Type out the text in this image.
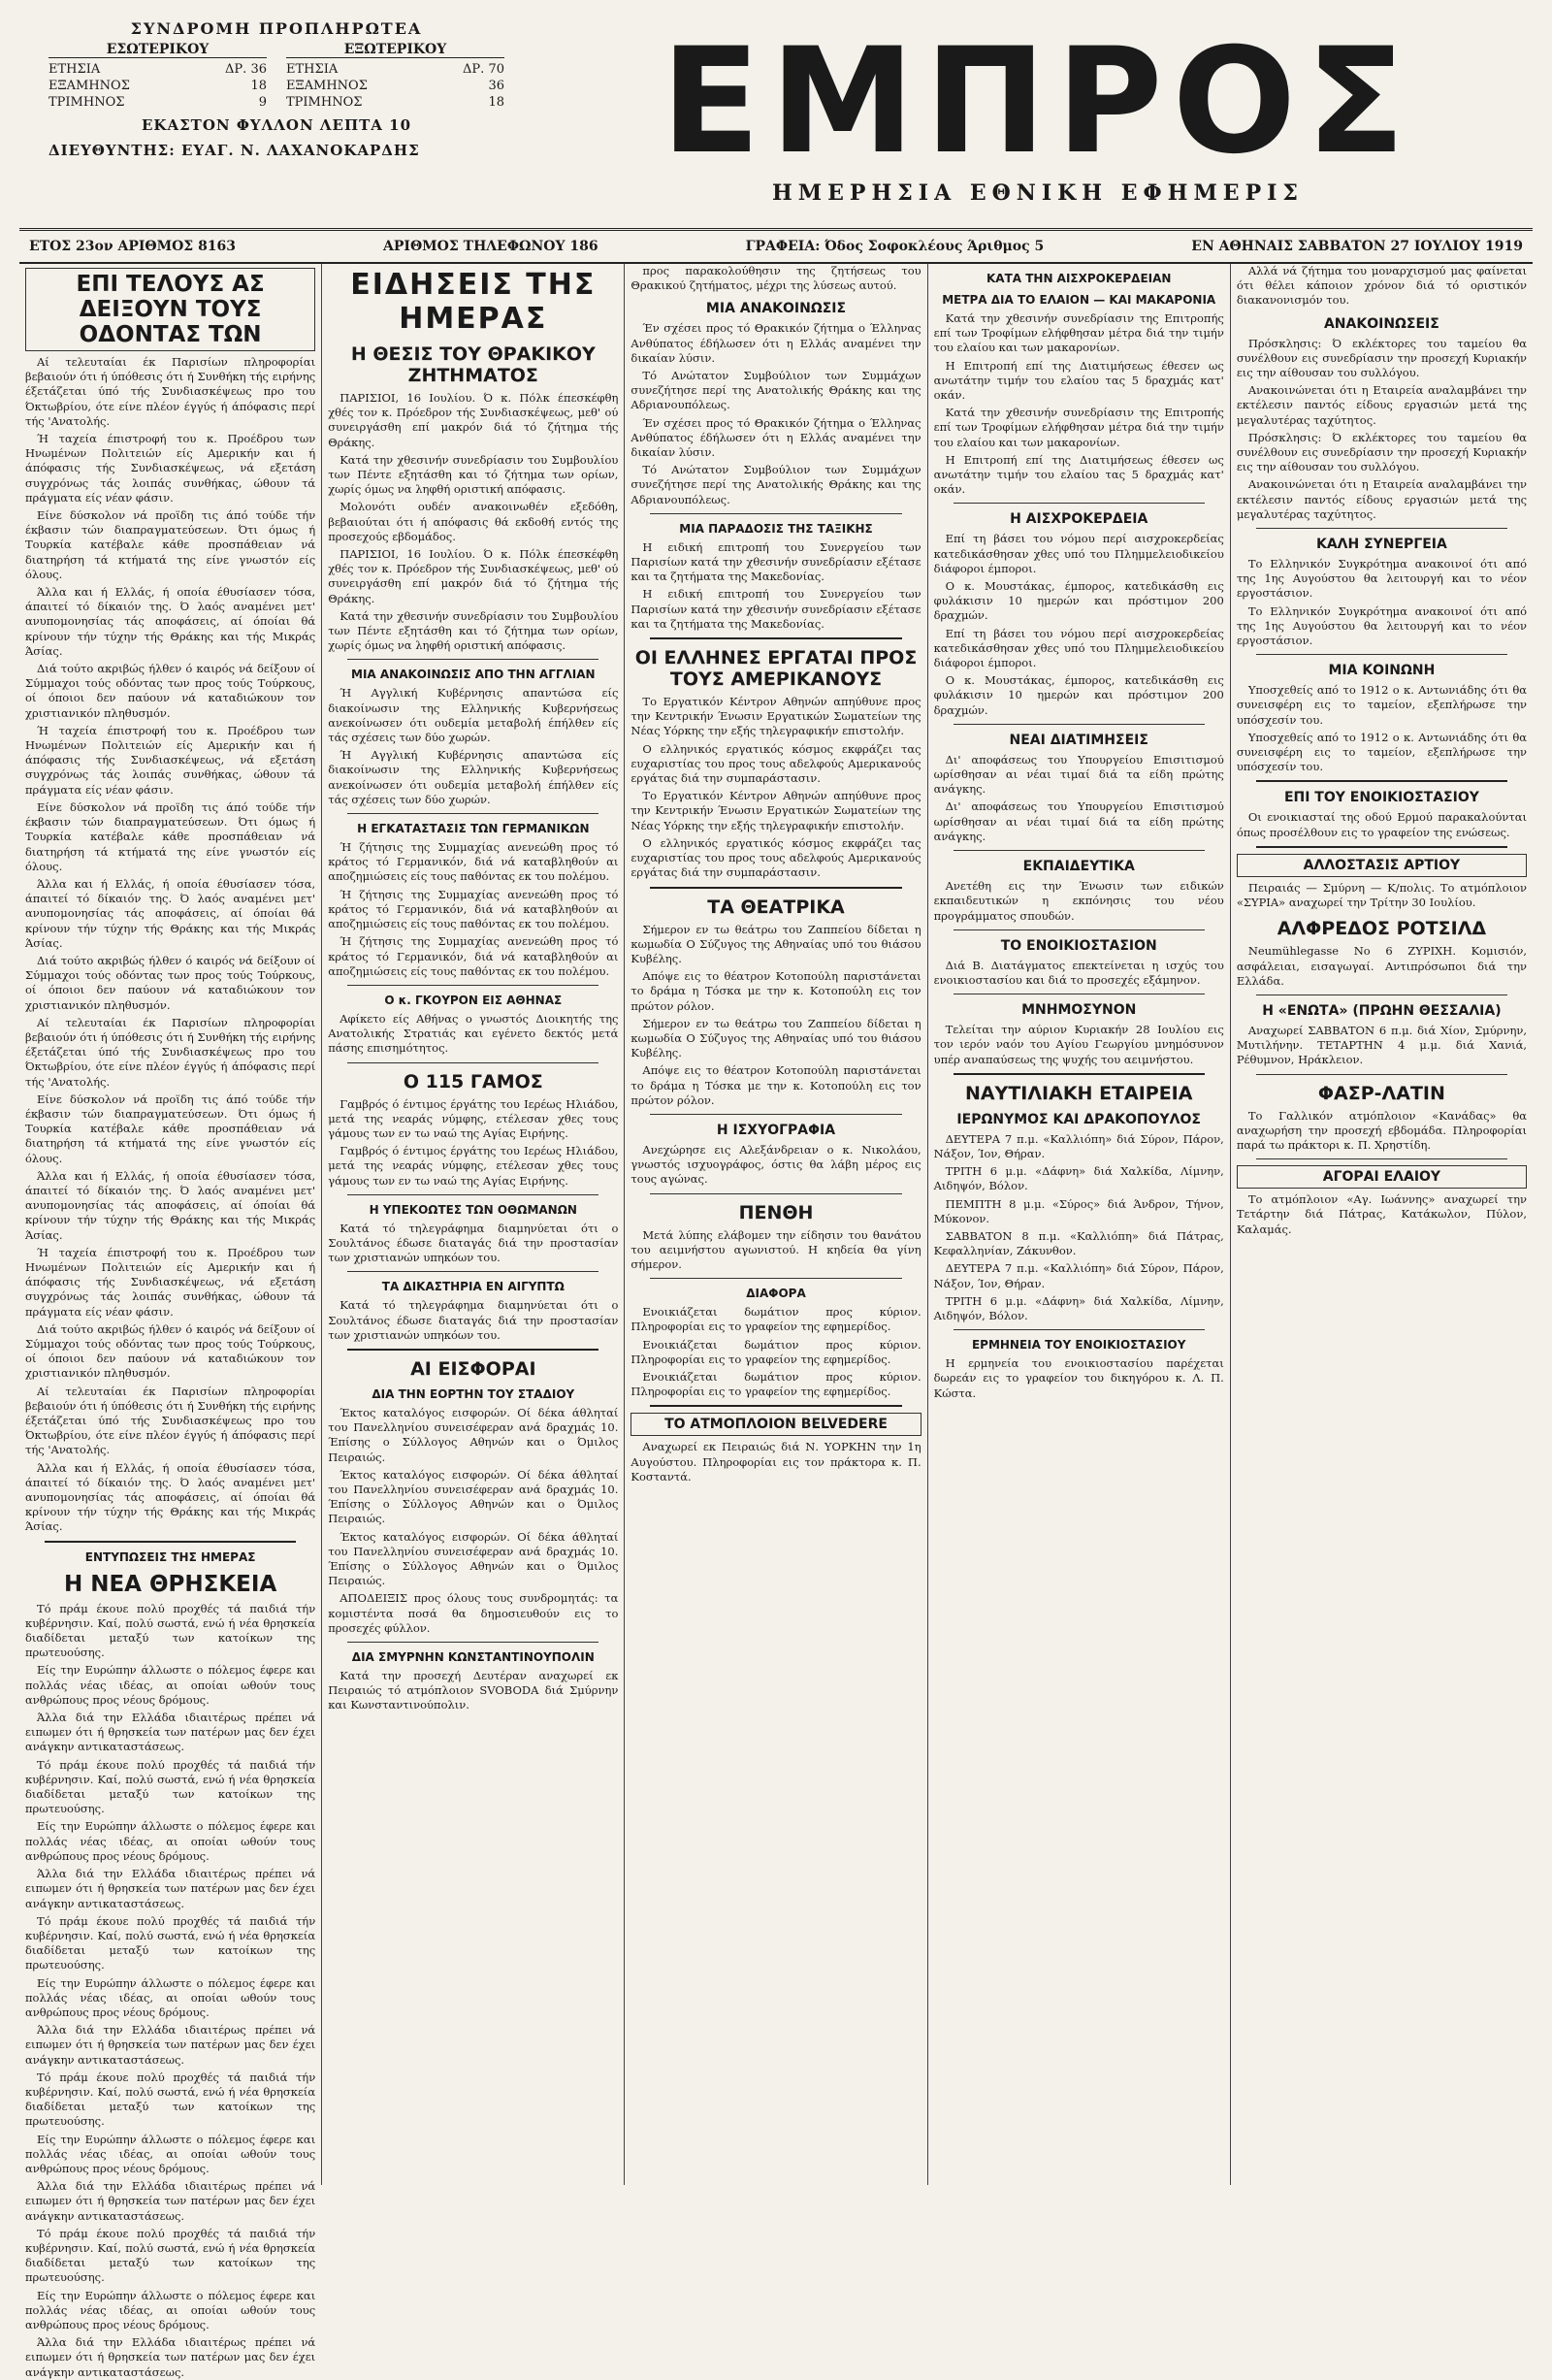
ΣΥΝΔΡΟΜΗ ΠΡΟΠΛΗΡΩΤΕΑ
ΕΣΩΤΕΡΙΚΟΥ
ΕΤΗΣΙΑ	ΔΡ. 36
ΕΞΑΜΗΝΟΣ	18
ΤΡΙΜΗΝΟΣ	9
ΕΞΩΤΕΡΙΚΟΥ
ΕΤΗΣΙΑ	ΔΡ. 70
ΕΞΑΜΗΝΟΣ	36
ΤΡΙΜΗΝΟΣ	18
ΕΚΑΣΤΟΝ ΦΥΛΛΟΝ ΛΕΠΤΑ 10
ΔΙΕΥΘΥΝΤΗΣ: ΕΥΑΓ. Ν. ΛΑΧΑΝΟΚΑΡΔΗΣ	ΕΜΠΡΟΣ
ΗΜΕΡΗΣΙΑ ΕΘΝΙΚΗ ΕΦΗΜΕΡΙΣ
ΕΤΟΣ 23ον ΑΡΙΘΜΟΣ 8163	ΑΡΙΘΜΟΣ ΤΗΛΕΦΩΝΟΥ 186	ΓΡΑΦΕΙΑ: Όδος Σοφοκλέους Άριθμος 5	ΕΝ ΑΘΗΝΑΙΣ ΣΑΒΒΑΤΟΝ 27 ΙΟΥΛΙΟΥ 1919
ΕΠΙ ΤΕΛΟΥΣ ΑΣ ΔΕΙΞΟΥΝ ΤΟΥΣ ΟΔΟΝΤΑΣ ΤΩΝ

Αί τελευταίαι έκ Παρισίων πληροφορίαι βεβαιούν ότι ή ύπόθεσις ότι ή Συνθήκη τής ειρήνης έξετάζεται ύπό τής Συνδιασκέψεως προ του Όκτωβρίου, ότε είνε πλέον έγγύς ή άπόφασις περί τής 'Ανατολής.

Ή ταχεία έπιστροφή του κ. Προέδρου των Ηνωμένων Πολιτειών είς Αμερικήν και ή άπόφασις τής Συνδιασκέψεως, νά εξετάση συγχρόνως τάς λοιπάς συνθήκας, ώθουν τά πράγματα είς νέαν φάσιν.

Είνε δύσκολον νά προϊδη τις άπό τούδε τήν έκβασιν τών διαπραγματεύσεων. Ότι όμως ή Τουρκία κατέβαλε κάθε προσπάθειαν νά διατηρήση τά κτήματά της είνε γνωστόν είς όλους.

Άλλα και ή Ελλάς, ή οποία έθυσίασεν τόσα, άπαιτεί τό δίκαιόν της. Ό λαός αναμένει μετ' ανυπομονησίας τάς αποφάσεις, αί όποίαι θά κρίνουν τήν τύχην τής Θράκης και τής Μικράς Άσίας.

Διά τούτο ακριβώς ήλθεν ό καιρός νά δείξουν οί Σύμμαχοι τούς οδόντας των προς τούς Τούρκους, οί όποιοι δεν παύουν νά καταδιώκουν τον χριστιανικόν πληθυσμόν.

Ή ταχεία έπιστροφή του κ. Προέδρου των Ηνωμένων Πολιτειών είς Αμερικήν και ή άπόφασις τής Συνδιασκέψεως, νά εξετάση συγχρόνως τάς λοιπάς συνθήκας, ώθουν τά πράγματα είς νέαν φάσιν.

Είνε δύσκολον νά προϊδη τις άπό τούδε τήν έκβασιν τών διαπραγματεύσεων. Ότι όμως ή Τουρκία κατέβαλε κάθε προσπάθειαν νά διατηρήση τά κτήματά της είνε γνωστόν είς όλους.

Άλλα και ή Ελλάς, ή οποία έθυσίασεν τόσα, άπαιτεί τό δίκαιόν της. Ό λαός αναμένει μετ' ανυπομονησίας τάς αποφάσεις, αί όποίαι θά κρίνουν τήν τύχην τής Θράκης και τής Μικράς Άσίας.

Διά τούτο ακριβώς ήλθεν ό καιρός νά δείξουν οί Σύμμαχοι τούς οδόντας των προς τούς Τούρκους, οί όποιοι δεν παύουν νά καταδιώκουν τον χριστιανικόν πληθυσμόν.

Αί τελευταίαι έκ Παρισίων πληροφορίαι βεβαιούν ότι ή ύπόθεσις ότι ή Συνθήκη τής ειρήνης έξετάζεται ύπό τής Συνδιασκέψεως προ του Όκτωβρίου, ότε είνε πλέον έγγύς ή άπόφασις περί τής 'Ανατολής.

Είνε δύσκολον νά προϊδη τις άπό τούδε τήν έκβασιν τών διαπραγματεύσεων. Ότι όμως ή Τουρκία κατέβαλε κάθε προσπάθειαν νά διατηρήση τά κτήματά της είνε γνωστόν είς όλους.

Άλλα και ή Ελλάς, ή οποία έθυσίασεν τόσα, άπαιτεί τό δίκαιόν της. Ό λαός αναμένει μετ' ανυπομονησίας τάς αποφάσεις, αί όποίαι θά κρίνουν τήν τύχην τής Θράκης και τής Μικράς Άσίας.

Ή ταχεία έπιστροφή του κ. Προέδρου των Ηνωμένων Πολιτειών είς Αμερικήν και ή άπόφασις τής Συνδιασκέψεως, νά εξετάση συγχρόνως τάς λοιπάς συνθήκας, ώθουν τά πράγματα είς νέαν φάσιν.

Διά τούτο ακριβώς ήλθεν ό καιρός νά δείξουν οί Σύμμαχοι τούς οδόντας των προς τούς Τούρκους, οί όποιοι δεν παύουν νά καταδιώκουν τον χριστιανικόν πληθυσμόν.

Αί τελευταίαι έκ Παρισίων πληροφορίαι βεβαιούν ότι ή ύπόθεσις ότι ή Συνθήκη τής ειρήνης έξετάζεται ύπό τής Συνδιασκέψεως προ του Όκτωβρίου, ότε είνε πλέον έγγύς ή άπόφασις περί τής 'Ανατολής.

Άλλα και ή Ελλάς, ή οποία έθυσίασεν τόσα, άπαιτεί τό δίκαιόν της. Ό λαός αναμένει μετ' ανυπομονησίας τάς αποφάσεις, αί όποίαι θά κρίνουν τήν τύχην τής Θράκης και τής Μικράς Άσίας.

ΕΝΤΥΠΩΣΕΙΣ ΤΗΣ ΗΜΕΡΑΣ
Η ΝΕΑ ΘΡΗΣΚΕΙΑ

Τό πράμ έκουε πολύ προχθές τά παιδιά τήν κυβέρνησιν. Καί, πολύ σωστά, ενώ ή νέα θρησκεία διαδίδεται μεταξύ των κατοίκων της πρωτευούσης.

Είς την Ευρώπην άλλωστε ο πόλεμος έφερε και πολλάς νέας ιδέας, αι οποίαι ωθούν τους ανθρώπους προς νέους δρόμους.

Άλλα διά την Ελλάδα ιδιαιτέρως πρέπει νά ειπωμεν ότι ή θρησκεία των πατέρων μας δεν έχει ανάγκην αντικαταστάσεως.

Τό πράμ έκουε πολύ προχθές τά παιδιά τήν κυβέρνησιν. Καί, πολύ σωστά, ενώ ή νέα θρησκεία διαδίδεται μεταξύ των κατοίκων της πρωτευούσης.

Είς την Ευρώπην άλλωστε ο πόλεμος έφερε και πολλάς νέας ιδέας, αι οποίαι ωθούν τους ανθρώπους προς νέους δρόμους.

Άλλα διά την Ελλάδα ιδιαιτέρως πρέπει νά ειπωμεν ότι ή θρησκεία των πατέρων μας δεν έχει ανάγκην αντικαταστάσεως.

Τό πράμ έκουε πολύ προχθές τά παιδιά τήν κυβέρνησιν. Καί, πολύ σωστά, ενώ ή νέα θρησκεία διαδίδεται μεταξύ των κατοίκων της πρωτευούσης.

Είς την Ευρώπην άλλωστε ο πόλεμος έφερε και πολλάς νέας ιδέας, αι οποίαι ωθούν τους ανθρώπους προς νέους δρόμους.

Άλλα διά την Ελλάδα ιδιαιτέρως πρέπει νά ειπωμεν ότι ή θρησκεία των πατέρων μας δεν έχει ανάγκην αντικαταστάσεως.

Τό πράμ έκουε πολύ προχθές τά παιδιά τήν κυβέρνησιν. Καί, πολύ σωστά, ενώ ή νέα θρησκεία διαδίδεται μεταξύ των κατοίκων της πρωτευούσης.

Είς την Ευρώπην άλλωστε ο πόλεμος έφερε και πολλάς νέας ιδέας, αι οποίαι ωθούν τους ανθρώπους προς νέους δρόμους.

Άλλα διά την Ελλάδα ιδιαιτέρως πρέπει νά ειπωμεν ότι ή θρησκεία των πατέρων μας δεν έχει ανάγκην αντικαταστάσεως.

Τό πράμ έκουε πολύ προχθές τά παιδιά τήν κυβέρνησιν. Καί, πολύ σωστά, ενώ ή νέα θρησκεία διαδίδεται μεταξύ των κατοίκων της πρωτευούσης.

Είς την Ευρώπην άλλωστε ο πόλεμος έφερε και πολλάς νέας ιδέας, αι οποίαι ωθούν τους ανθρώπους προς νέους δρόμους.

Άλλα διά την Ελλάδα ιδιαιτέρως πρέπει νά ειπωμεν ότι ή θρησκεία των πατέρων μας δεν έχει ανάγκην αντικαταστάσεως.

ΕΙΔΗΣΕΙΣ ΤΗΣ ΗΜΕΡΑΣ
Η ΘΕΣΙΣ ΤΟΥ ΘΡΑΚΙΚΟΥ ΖΗΤΗΜΑΤΟΣ

ΠΑΡΙΣΙΟΙ, 16 Ιουλίου. Ό κ. Πόλκ έπεσκέφθη χθές τον κ. Πρόεδρον τής Συνδιασκέψεως, μεθ' ού συνειργάσθη επί μακρόν διά τό ζήτημα τής Θράκης.

Κατά την χθεσινήν συνεδρίασιν του Συμβουλίου των Πέντε εξητάσθη και τό ζήτημα των ορίων, χωρίς όμως να ληφθή οριστική απόφασις.

Μολονότι ουδέν ανακοινωθέν εξεδόθη, βεβαιούται ότι ή απόφασις θά εκδοθή εντός της προσεχούς εβδομάδος.

ΠΑΡΙΣΙΟΙ, 16 Ιουλίου. Ό κ. Πόλκ έπεσκέφθη χθές τον κ. Πρόεδρον τής Συνδιασκέψεως, μεθ' ού συνειργάσθη επί μακρόν διά τό ζήτημα τής Θράκης.

Κατά την χθεσινήν συνεδρίασιν του Συμβουλίου των Πέντε εξητάσθη και τό ζήτημα των ορίων, χωρίς όμως να ληφθή οριστική απόφασις.

ΜΙΑ ΑΝΑΚΟΙΝΩΣΙΣ ΑΠΟ ΤΗΝ ΑΓΓΛΙΑΝ

Ή Αγγλική Κυβέρνησις απαντώσα είς διακοίνωσιν της Ελληνικής Κυβερνήσεως ανεκοίνωσεν ότι ουδεμία μεταβολή έπήλθεν είς τάς σχέσεις των δύο χωρών.

Ή Αγγλική Κυβέρνησις απαντώσα είς διακοίνωσιν της Ελληνικής Κυβερνήσεως ανεκοίνωσεν ότι ουδεμία μεταβολή έπήλθεν είς τάς σχέσεις των δύο χωρών.

Η ΕΓΚΑΤΑΣΤΑΣΙΣ ΤΩΝ ΓΕΡΜΑΝΙΚΩΝ

Ή ζήτησις της Συμμαχίας ανενεώθη προς τό κράτος τό Γερμανικόν, διά νά καταβληθούν αι αποζημιώσεις είς τους παθόντας εκ του πολέμου.

Ή ζήτησις της Συμμαχίας ανενεώθη προς τό κράτος τό Γερμανικόν, διά νά καταβληθούν αι αποζημιώσεις είς τους παθόντας εκ του πολέμου.

Ή ζήτησις της Συμμαχίας ανενεώθη προς τό κράτος τό Γερμανικόν, διά νά καταβληθούν αι αποζημιώσεις είς τους παθόντας εκ του πολέμου.

Ο κ. ΓΚΟΥΡΟΝ ΕΙΣ ΑΘΗΝΑΣ

Αφίκετο είς Αθήνας ο γνωστός Διοικητής της Ανατολικής Στρατιάς και εγένετο δεκτός μετά πάσης επισημότητος.

Ο 115 ΓΑΜΟΣ

Γαμβρός ό έντιμος έργάτης του Ιερέως Ηλιάδου, μετά της νεαράς νύμφης, ετέλεσαν χθες τους γάμους των εν τω ναώ της Αγίας Ειρήνης.

Γαμβρός ό έντιμος έργάτης του Ιερέως Ηλιάδου, μετά της νεαράς νύμφης, ετέλεσαν χθες τους γάμους των εν τω ναώ της Αγίας Ειρήνης.

Η ΥΠΕΚΟΩΤΕΣ ΤΩΝ ΟΘΩΜΑΝΩΝ

Κατά τό τηλεγράφημα διαμηνύεται ότι ο Σουλτάνος έδωσε διαταγάς διά την προστασίαν των χριστιανών υπηκόων του.

ΤΑ ΔΙΚΑΣΤΗΡΙΑ ΕΝ ΑΙΓΥΠΤΩ

Κατά τό τηλεγράφημα διαμηνύεται ότι ο Σουλτάνος έδωσε διαταγάς διά την προστασίαν των χριστιανών υπηκόων του.

ΑΙ ΕΙΣΦΟΡΑΙ
ΔΙΑ ΤΗΝ ΕΟΡΤΗΝ ΤΟΥ ΣΤΑΔΙΟΥ

Έκτος καταλόγος εισφορών. Οί δέκα άθληταί του Πανελληνίου συνεισέφεραν ανά δραχμάς 10. Έπίσης ο Σύλλογος Αθηνών και ο Όμιλος Πειραιώς.

Έκτος καταλόγος εισφορών. Οί δέκα άθληταί του Πανελληνίου συνεισέφεραν ανά δραχμάς 10. Έπίσης ο Σύλλογος Αθηνών και ο Όμιλος Πειραιώς.

Έκτος καταλόγος εισφορών. Οί δέκα άθληταί του Πανελληνίου συνεισέφεραν ανά δραχμάς 10. Έπίσης ο Σύλλογος Αθηνών και ο Όμιλος Πειραιώς.

ΑΠΟΔΕΙΞΙΣ προς όλους τους συνδρομητάς: τα κομιστέντα ποσά θα δημοσιευθούν εις το προσεχές φύλλον.

ΔΙΑ ΣΜΥΡΝΗΝ ΚΩΝΣΤΑΝΤΙΝΟΥΠΟΛΙΝ

Κατά την προσεχή Δευτέραν αναχωρεί εκ Πειραιώς τό ατμόπλοιον SVOBODA διά Σμύρνην και Κωνσταντινούπολιν.

προς παρακολούθησιν της ζητήσεως του Θρακικού ζητήματος, μέχρι της λύσεως αυτού.

ΜΙΑ ΑΝΑΚΟΙΝΩΣΙΣ

Έν σχέσει προς τό Θρακικόν ζήτημα ο Έλληνας Ανθύπατος έδήλωσεν ότι η Ελλάς αναμένει την δικαίαν λύσιν.

Τό Ανώτατον Συμβούλιον των Συμμάχων συνεζήτησε περί της Ανατολικής Θράκης και της Αδριανουπόλεως.

Έν σχέσει προς τό Θρακικόν ζήτημα ο Έλληνας Ανθύπατος έδήλωσεν ότι η Ελλάς αναμένει την δικαίαν λύσιν.

Τό Ανώτατον Συμβούλιον των Συμμάχων συνεζήτησε περί της Ανατολικής Θράκης και της Αδριανουπόλεως.

ΜΙΑ ΠΑΡΑΔΟΣΙΣ ΤΗΣ ΤΑΞΙΚΗΣ

Η ειδική επιτροπή του Συνεργείου των Παρισίων κατά την χθεσινήν συνεδρίασιν εξέτασε και τα ζητήματα της Μακεδονίας.

Η ειδική επιτροπή του Συνεργείου των Παρισίων κατά την χθεσινήν συνεδρίασιν εξέτασε και τα ζητήματα της Μακεδονίας.

ΟΙ ΕΛΛΗΝΕΣ ΕΡΓΑΤΑΙ ΠΡΟΣ ΤΟΥΣ ΑΜΕΡΙΚΑΝΟΥΣ

Το Εργατικόν Κέντρον Αθηνών απηύθυνε προς την Κεντρικήν Ένωσιν Εργατικών Σωματείων της Νέας Υόρκης την εξής τηλεγραφικήν επιστολήν.

Ο ελληνικός εργατικός κόσμος εκφράζει τας ευχαριστίας του προς τους αδελφούς Αμερικανούς εργάτας διά την συμπαράστασιν.

Το Εργατικόν Κέντρον Αθηνών απηύθυνε προς την Κεντρικήν Ένωσιν Εργατικών Σωματείων της Νέας Υόρκης την εξής τηλεγραφικήν επιστολήν.

Ο ελληνικός εργατικός κόσμος εκφράζει τας ευχαριστίας του προς τους αδελφούς Αμερικανούς εργάτας διά την συμπαράστασιν.

ΤΑ ΘΕΑΤΡΙΚΑ

Σήμερον εν τω θεάτρω του Ζαππείου δίδεται η κωμωδία Ο Σύζυγος της Αθηναίας υπό του θιάσου Κυβέλης.

Απόψε εις το θέατρον Κοτοπούλη παριστάνεται το δράμα η Τόσκα με την κ. Κοτοπούλη εις τον πρώτον ρόλον.

Σήμερον εν τω θεάτρω του Ζαππείου δίδεται η κωμωδία Ο Σύζυγος της Αθηναίας υπό του θιάσου Κυβέλης.

Απόψε εις το θέατρον Κοτοπούλη παριστάνεται το δράμα η Τόσκα με την κ. Κοτοπούλη εις τον πρώτον ρόλον.

Η ΙΣΧΥΟΓΡΑΦΙΑ

Ανεχώρησε εις Αλεξάνδρειαν ο κ. Νικολάου, γνωστός ισχυογράφος, όστις θα λάβη μέρος εις τους αγώνας.

ΠΕΝΘΗ

Μετά λύπης ελάβομεν την είδησιν του θανάτου του αειμνήστου αγωνιστού. Η κηδεία θα γίνη σήμερον.

ΔΙΑΦΟΡΑ

Ενοικιάζεται δωμάτιον προς κύριον. Πληροφορίαι εις το γραφείον της εφημερίδος.

Ενοικιάζεται δωμάτιον προς κύριον. Πληροφορίαι εις το γραφείον της εφημερίδος.

Ενοικιάζεται δωμάτιον προς κύριον. Πληροφορίαι εις το γραφείον της εφημερίδος.

ΤΟ ΑΤΜΟΠΛΟΙΟΝ BELVEDERE

Αναχωρεί εκ Πειραιώς διά Ν. ΥΟΡΚΗΝ την 1η Αυγούστου. Πληροφορίαι εις τον πράκτορα κ. Π. Κοσταντά.

ΚΑΤΑ ΤΗΝ ΑΙΣΧΡΟΚΕΡΔΕΙΑΝ
ΜΕΤΡΑ ΔΙΑ ΤΟ ΕΛΑΙΟΝ — ΚΑΙ ΜΑΚΑΡΟΝΙΑ

Κατά την χθεσινήν συνεδρίασιν της Επιτροπής επί των Τροφίμων ελήφθησαν μέτρα διά την τιμήν του ελαίου και των μακαρονίων.

Η Επιτροπή επί της Διατιμήσεως έθεσεν ως ανωτάτην τιμήν του ελαίου τας 5 δραχμάς κατ' οκάν.

Κατά την χθεσινήν συνεδρίασιν της Επιτροπής επί των Τροφίμων ελήφθησαν μέτρα διά την τιμήν του ελαίου και των μακαρονίων.

Η Επιτροπή επί της Διατιμήσεως έθεσεν ως ανωτάτην τιμήν του ελαίου τας 5 δραχμάς κατ' οκάν.

Η ΑΙΣΧΡΟΚΕΡΔΕΙΑ

Επί τη βάσει του νόμου περί αισχροκερδείας κατεδικάσθησαν χθες υπό του Πλημμελειοδικείου διάφοροι έμποροι.

Ο κ. Μουστάκας, έμπορος, κατεδικάσθη εις φυλάκισιν 10 ημερών και πρόστιμον 200 δραχμών.

Επί τη βάσει του νόμου περί αισχροκερδείας κατεδικάσθησαν χθες υπό του Πλημμελειοδικείου διάφοροι έμποροι.

Ο κ. Μουστάκας, έμπορος, κατεδικάσθη εις φυλάκισιν 10 ημερών και πρόστιμον 200 δραχμών.

ΝΕΑΙ ΔΙΑΤΙΜΗΣΕΙΣ

Δι' αποφάσεως του Υπουργείου Επισιτισμού ωρίσθησαν αι νέαι τιμαί διά τα είδη πρώτης ανάγκης.

Δι' αποφάσεως του Υπουργείου Επισιτισμού ωρίσθησαν αι νέαι τιμαί διά τα είδη πρώτης ανάγκης.

ΕΚΠΑΙΔΕΥΤΙΚΑ

Ανετέθη εις την Ένωσιν των ειδικών εκπαιδευτικών η εκπόνησις του νέου προγράμματος σπουδών.

ΤΟ ΕΝΟΙΚΙΟΣΤΑΣΙΟΝ

Διά Β. Διατάγματος επεκτείνεται η ισχύς του ενοικιοστασίου και διά το προσεχές εξάμηνον.

ΜΝΗΜΟΣΥΝΟΝ

Τελείται την αύριον Κυριακήν 28 Ιουλίου εις τον ιερόν ναόν του Αγίου Γεωργίου μνημόσυνον υπέρ αναπαύσεως της ψυχής του αειμνήστου.

ΝΑΥΤΙΛΙΑΚΗ ΕΤΑΙΡΕΙΑ
ΙΕΡΩΝΥΜΟΣ ΚΑΙ ΔΡΑΚΟΠΟΥΛΟΣ

ΔΕΥΤΕΡΑ 7 π.μ. «Καλλιόπη» διά Σύρον, Πάρον, Νάξον, Ίον, Θήραν.

ΤΡΙΤΗ 6 μ.μ. «Δάφνη» διά Χαλκίδα, Λίμνην, Αιδηψόν, Βόλον.

ΠΕΜΠΤΗ 8 μ.μ. «Σύρος» διά Άνδρον, Τήνον, Μύκονον.

ΣΑΒΒΑΤΟΝ 8 π.μ. «Καλλιόπη» διά Πάτρας, Κεφαλληνίαν, Ζάκυνθον.

ΔΕΥΤΕΡΑ 7 π.μ. «Καλλιόπη» διά Σύρον, Πάρον, Νάξον, Ίον, Θήραν.

ΤΡΙΤΗ 6 μ.μ. «Δάφνη» διά Χαλκίδα, Λίμνην, Αιδηψόν, Βόλον.

ΕΡΜΗΝΕΙΑ ΤΟΥ ΕΝΟΙΚΙΟΣΤΑΣΙΟΥ

Η ερμηνεία του ενοικιοστασίου παρέχεται δωρεάν εις το γραφείον του δικηγόρου κ. Λ. Π. Κώστα.

Αλλά νά ζήτημα του μοναρχισμού μας φαίνεται ότι θέλει κάποιον χρόνον διά τό οριστικόν διακανονισμόν του.

ΑΝΑΚΟΙΝΩΣΕΙΣ

Πρόσκλησις: Ό εκλέκτορες του ταμείου θα συνέλθουν εις συνεδρίασιν την προσεχή Κυριακήν εις την αίθουσαν του συλλόγου.

Ανακοινώνεται ότι η Εταιρεία αναλαμβάνει την εκτέλεσιν παντός είδους εργασιών μετά της μεγαλυτέρας ταχύτητος.

Πρόσκλησις: Ό εκλέκτορες του ταμείου θα συνέλθουν εις συνεδρίασιν την προσεχή Κυριακήν εις την αίθουσαν του συλλόγου.

Ανακοινώνεται ότι η Εταιρεία αναλαμβάνει την εκτέλεσιν παντός είδους εργασιών μετά της μεγαλυτέρας ταχύτητος.

ΚΑΛΗ ΣΥΝΕΡΓΕΙΑ

Το Ελληνικόν Συγκρότημα ανακοινοί ότι από της 1ης Αυγούστου θα λειτουργή και το νέον εργοστάσιον.

Το Ελληνικόν Συγκρότημα ανακοινοί ότι από της 1ης Αυγούστου θα λειτουργή και το νέον εργοστάσιον.

ΜΙΑ ΚΟΙΝΩΝΗ

Υποσχεθείς από το 1912 ο κ. Αντωνιάδης ότι θα συνεισφέρη εις το ταμείον, εξεπλήρωσε την υπόσχεσίν του.

Υποσχεθείς από το 1912 ο κ. Αντωνιάδης ότι θα συνεισφέρη εις το ταμείον, εξεπλήρωσε την υπόσχεσίν του.

ΕΠΙ ΤΟΥ ΕΝΟΙΚΙΟΣΤΑΣΙΟΥ

Οι ενοικιασταί της οδού Ερμού παρακαλούνται όπως προσέλθουν εις το γραφείον της ενώσεως.

ΑΛΛΟΣΤΑΣΙΣ ΑΡΤΙΟΥ

Πειραιάς — Σμύρνη — Κ/πολις. Το ατμόπλοιον «ΣΥΡΙΑ» αναχωρεί την Τρίτην 30 Ιουλίου.

ΑΛΦΡΕΔΟΣ ΡΟΤΣΙΛΔ

Neumühlegasse No 6 ΖΥΡΙΧΗ. Κομισιόν, ασφάλειαι, εισαγωγαί. Αντιπρόσωποι διά την Ελλάδα.

Η «ΕΝΩΤΑ» (ΠΡΩΗΝ ΘΕΣΣΑΛΙΑ)

Αναχωρεί ΣΑΒΒΑΤΟΝ 6 π.μ. διά Χίον, Σμύρνην, Μυτιλήνην. ΤΕΤΑΡΤΗΝ 4 μ.μ. διά Χανιά, Ρέθυμνον, Ηράκλειον.

ΦΑΣΡ-ΛΑΤΙΝ

Το Γαλλικόν ατμόπλοιον «Κανάδας» θα αναχωρήση την προσεχή εβδομάδα. Πληροφορίαι παρά τω πράκτορι κ. Π. Χρηστίδη.

ΑΓΟΡΑΙ ΕΛΑΙΟΥ

Το ατμόπλοιον «Αγ. Ιωάννης» αναχωρεί την Τετάρτην διά Πάτρας, Κατάκωλον, Πύλον, Καλαμάς.
